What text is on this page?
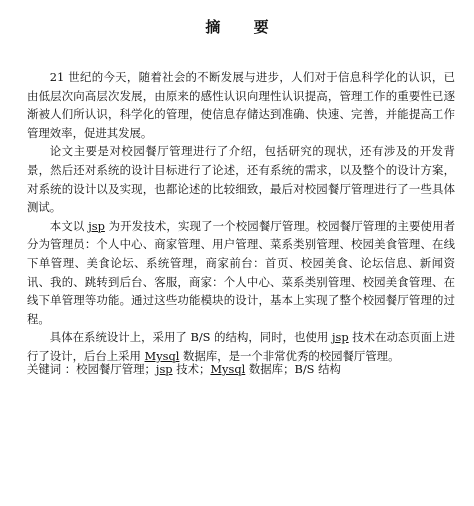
摘 要

21 世纪的今天，随着社会的不断发展与进步，人们对于信息科学化的认识，已由低层次向高层次发展，由原来的感性认识向理性认识提高，管理工作的重要性已逐渐被人们所认识，科学化的管理，使信息存储达到准确、快速、完善，并能提高工作管理效率，促进其发展。

论文主要是对校园餐厅管理进行了介绍，包括研究的现状，还有涉及的开发背景，然后还对系统的设计目标进行了论述，还有系统的需求，以及整个的设计方案，对系统的设计以及实现，也都论述的比较细致，最后对校园餐厅管理进行了一些具体测试。

本文以 jsp 为开发技术，实现了一个校园餐厅管理。校园餐厅管理的主要使用者分为管理员：个人中心、商家管理、用户管理、菜系类别管理、校园美食管理、在线下单管理、美食论坛、系统管理，商家前台：首页、校园美食、论坛信息、新闻资讯、我的、跳转到后台、客服，商家：个人中心、菜系类别管理、校园美食管理、在线下单管理等功能。通过这些功能模块的设计，基本上实现了整个校园餐厅管理的过程。

具体在系统设计上，采用了 B/S 的结构，同时，也使用 jsp 技术在动态页面上进行了设计，后台上采用 Mysql 数据库，是一个非常优秀的校园餐厅管理。

关键词 ：校园餐厅管理；jsp 技术；Mysql 数据库；B/S 结构
